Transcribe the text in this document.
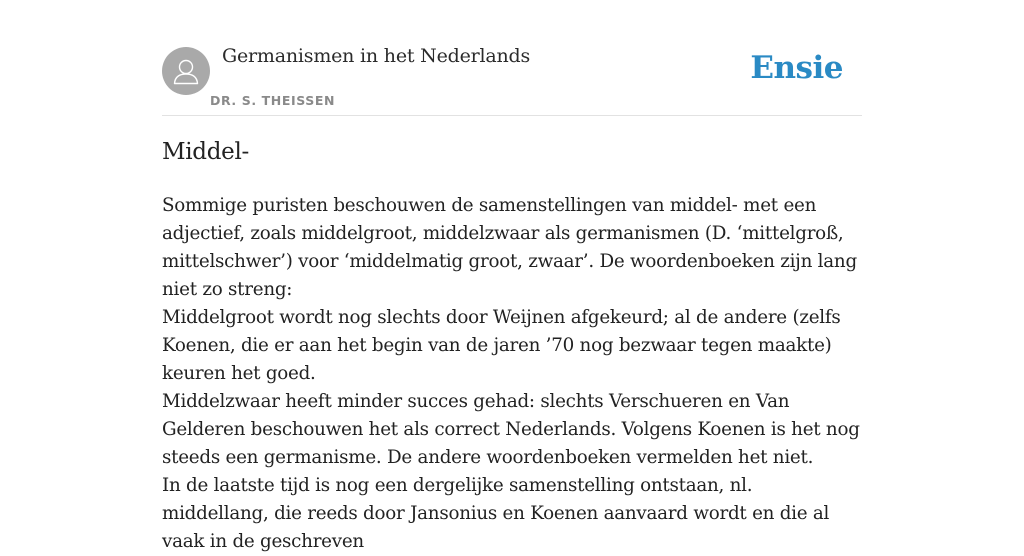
Germanismen in het Nederlands
DR. S. THEISSEN
Ensie
Middel-

Sommige puristen beschouwen de samenstellingen van middel- met een adjectief, zoals middelgroot, middelzwaar als germanismen (D. ‘mittelgroß, mittelschwer’) voor ‘middelmatig groot, zwaar’. De woordenboeken zijn lang niet zo streng:

Middelgroot wordt nog slechts door Weijnen afgekeurd; al de andere (zelfs Koenen, die er aan het begin van de jaren ’70 nog bezwaar tegen maakte) keuren het goed.

Middelzwaar heeft minder succes gehad: slechts Verschueren en Van Gelderen beschouwen het als correct Nederlands. Volgens Koenen is het nog steeds een germanisme. De andere woordenboeken vermelden het niet.

In de laatste tijd is nog een dergelijke samenstelling ontstaan, nl. middellang, die reeds door Jansonius en Koenen aanvaard wordt en die al vaak in de geschreven
